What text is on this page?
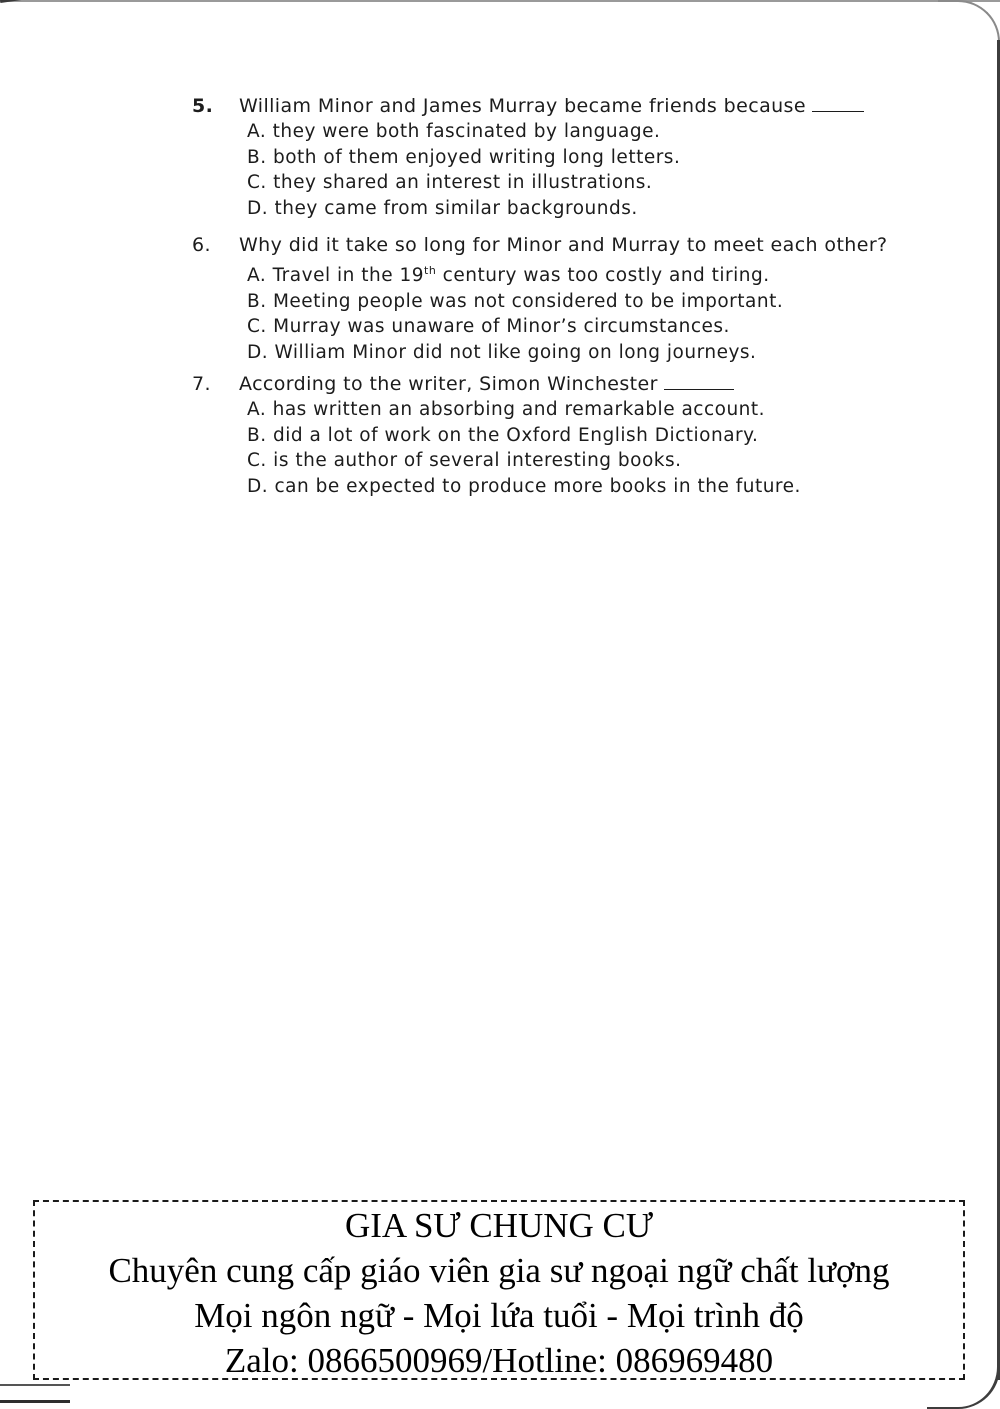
5. William Minor and James Murray became friends because
A. they were both fascinated by language.
B. both of them enjoyed writing long letters.
C. they shared an interest in illustrations.
D. they came from similar backgrounds.
6. Why did it take so long for Minor and Murray to meet each other?
A. Travel in the 19th century was too costly and tiring.
B. Meeting people was not considered to be important.
C. Murray was unaware of Minor’s circumstances.
D. William Minor did not like going on long journeys.
7. According to the writer, Simon Winchester
A. has written an absorbing and remarkable account.
B. did a lot of work on the Oxford English Dictionary.
C. is the author of several interesting books.
D. can be expected to produce more books in the future.
GIA SƯ CHUNG CƯ
Chuyên cung cấp giáo viên gia sư ngoại ngữ chất lượng
Mọi ngôn ngữ - Mọi lứa tuổi - Mọi trình độ
Zalo: 0866500969/Hotline: 086969480
